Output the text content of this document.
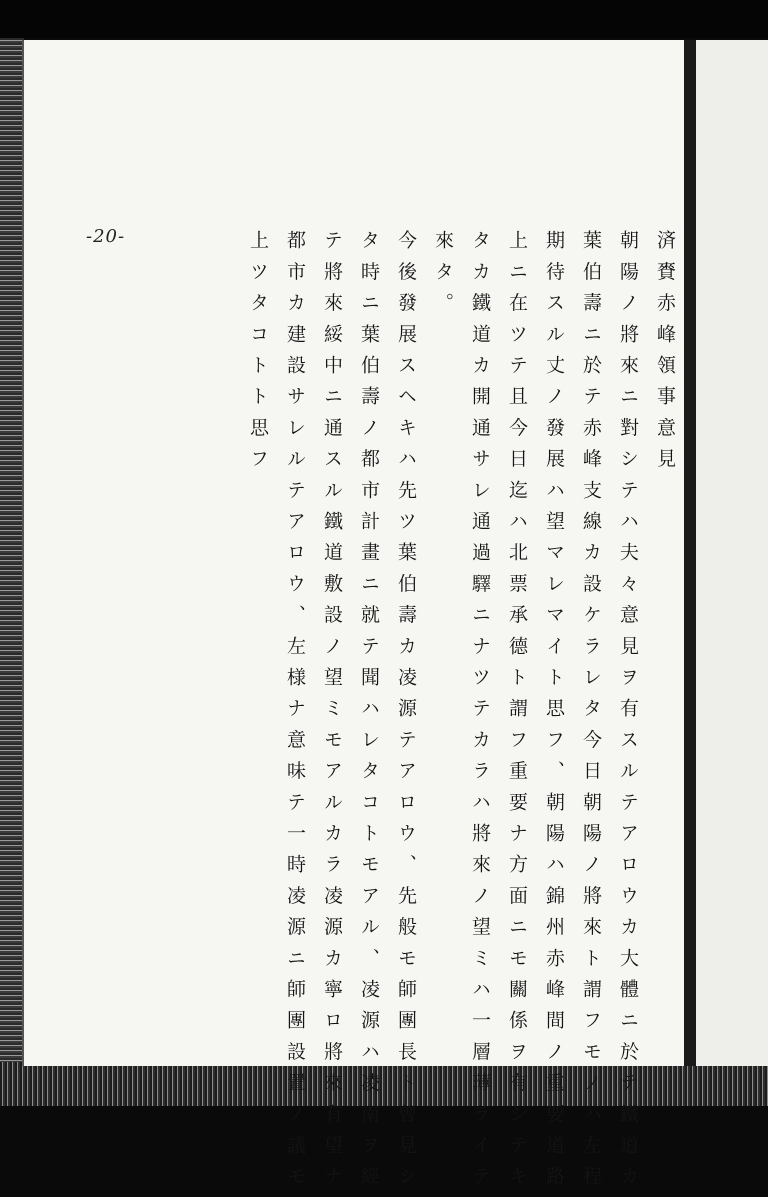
-20-	済賚赤峰領事意見
朝陽ノ將來ニ對シテハ夫々意見ヲ有スルテアロウカ大體ニ於テ鐵道カ
葉伯壽ニ於テ赤峰支線カ設ケラレタ今日朝陽ノ將來ト謂フモノハ左程
期待スル丈ノ發展ハ望マレマイト思フ、朝陽ハ錦州赤峰間ノ重要道路
上ニ在ツテ且今日迄ハ北票承德ト謂フ重要ナ方面ニモ關係ヲ有シテキ
タカ鐵道カ開通サレ通過驛ニナツテカラハ將來ノ望ミハ一層薄ライテ
來タ。
今後發展スヘキハ先ツ葉伯壽カ凌源テアロウ、先般モ師團長ト曾見シ
タ時ニ葉伯壽ノ都市計畫ニ就テ聞ハレタコトモアル、凌源ハ凌南ヲ經
テ將來綏中ニ通スル鐵道敷設ノ望ミモアルカラ凌源カ寧ロ將來有望ナ
都市カ建設サレルテアロウ、左様ナ意味テ一時凌源ニ師團設置ノ議モ
上ツタコトト思フ
